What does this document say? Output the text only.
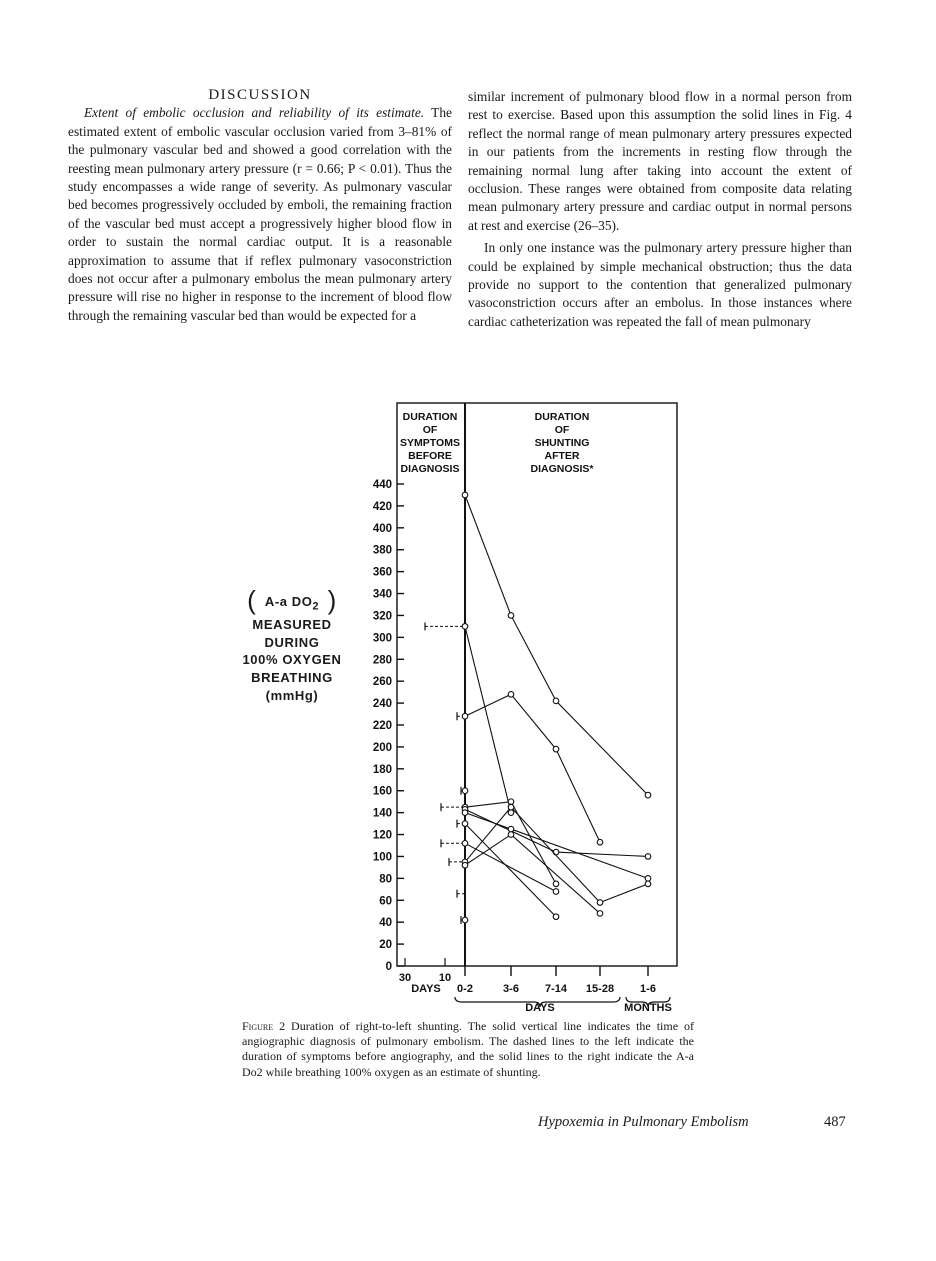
DISCUSSION

Extent of embolic occlusion and reliability of its estimate. The estimated extent of embolic vascular occlusion varied from 3–81% of the pulmonary vascular bed and showed a good correlation with the reesting mean pulmonary artery pressure (r = 0.66; P < 0.01). Thus the study encompasses a wide range of severity. As pulmonary vascular bed becomes progressively occluded by emboli, the remaining fraction of the vascular bed must accept a progressively higher blood flow in order to sustain the normal cardiac output. It is a reasonable approximation to assume that if reflex pulmonary vasoconstriction does not occur after a pulmonary embolus the mean pulmonary artery pressure will rise no higher in response to the increment of blood flow through the remaining vascular bed than would be expected for a

similar increment of pulmonary blood flow in a normal person from rest to exercise. Based upon this assumption the solid lines in Fig. 4 reflect the normal range of mean pulmonary artery pressures expected in our patients from the increments in resting flow through the remaining normal lung after taking into account the extent of occlusion. These ranges were obtained from composite data relating mean pulmonary artery pressure and cardiac output in normal persons at rest and exercise (26–35).

In only one instance was the pulmonary artery pressure higher than could be explained by simple mechanical obstruction; thus the data provide no support to the contention that generalized pulmonary vasoconstriction occurs after an embolus. In those instances where cardiac catheterization was repeated the fall of mean pulmonary

( A-a $DO_2$ )
MEASURED
DURING
100% OXYGEN
BREATHING
(mmHg)
0
20
40
60
80
100
120
140
160
180
200
220
240
260
280
300
320
340
360
380
400
420
440
30	10
DAYS 0-2	3-6 7-14 15-28 1-6
DAYS	MONTHS
DURATION
OF
SYMPTOMS
BEFORE
DIAGNOSIS
DURATION
OF
SHUNTING
AFTER
DIAGNOSIS*
Figure 2 Duration of right-to-left shunting. The solid vertical line indicates the time of angiographic diagnosis of pulmonary embolism. The dashed lines to the left indicate the duration of symptoms before angiography, and the solid lines to the right indicate the A-a Do2 while breathing 100% oxygen as an estimate of shunting.
Hypoxemia in Pulmonary Embolism	487
